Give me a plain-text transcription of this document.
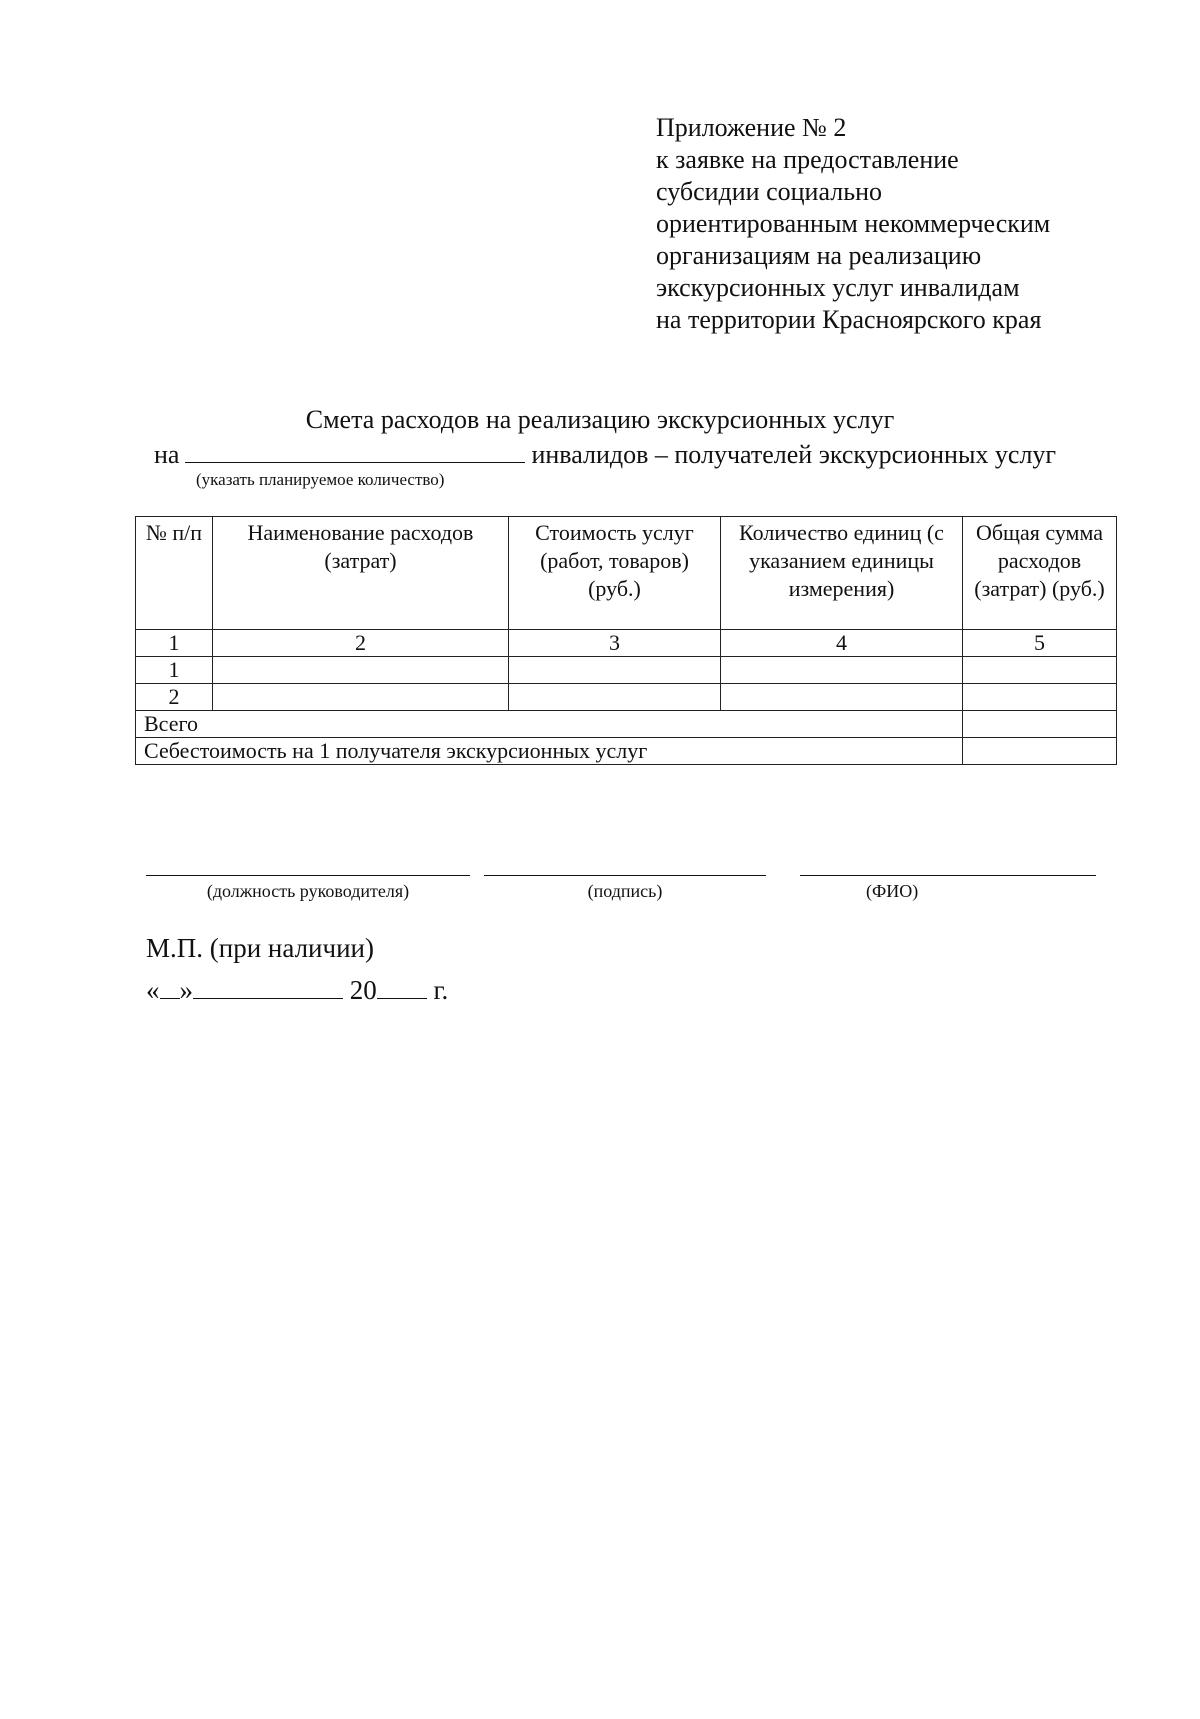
Приложение № 2
к заявке на предоставление
субсидии социально
ориентированным некоммерческим
организациям на реализацию
экскурсионных услуг инвалидам
на территории Красноярского края
Смета расходов на реализацию экскурсионных услуг
на	инвалидов – получателей экскурсионных услуг
(указать планируемое количество)
№ п/п	Наименование расходов (затрат)	Стоимость услуг (работ, товаров) (руб.)	Количество единиц (с указанием единицы измерения)	Общая сумма расходов (затрат) (руб.)
1	2	3	4	5
1				
2				
Всего				
Себестоимость на 1 получателя экскурсионных услуг				
(должность руководителя)	(подпись)	(ФИО)
М.П. (при наличии)
« »	20 г.
